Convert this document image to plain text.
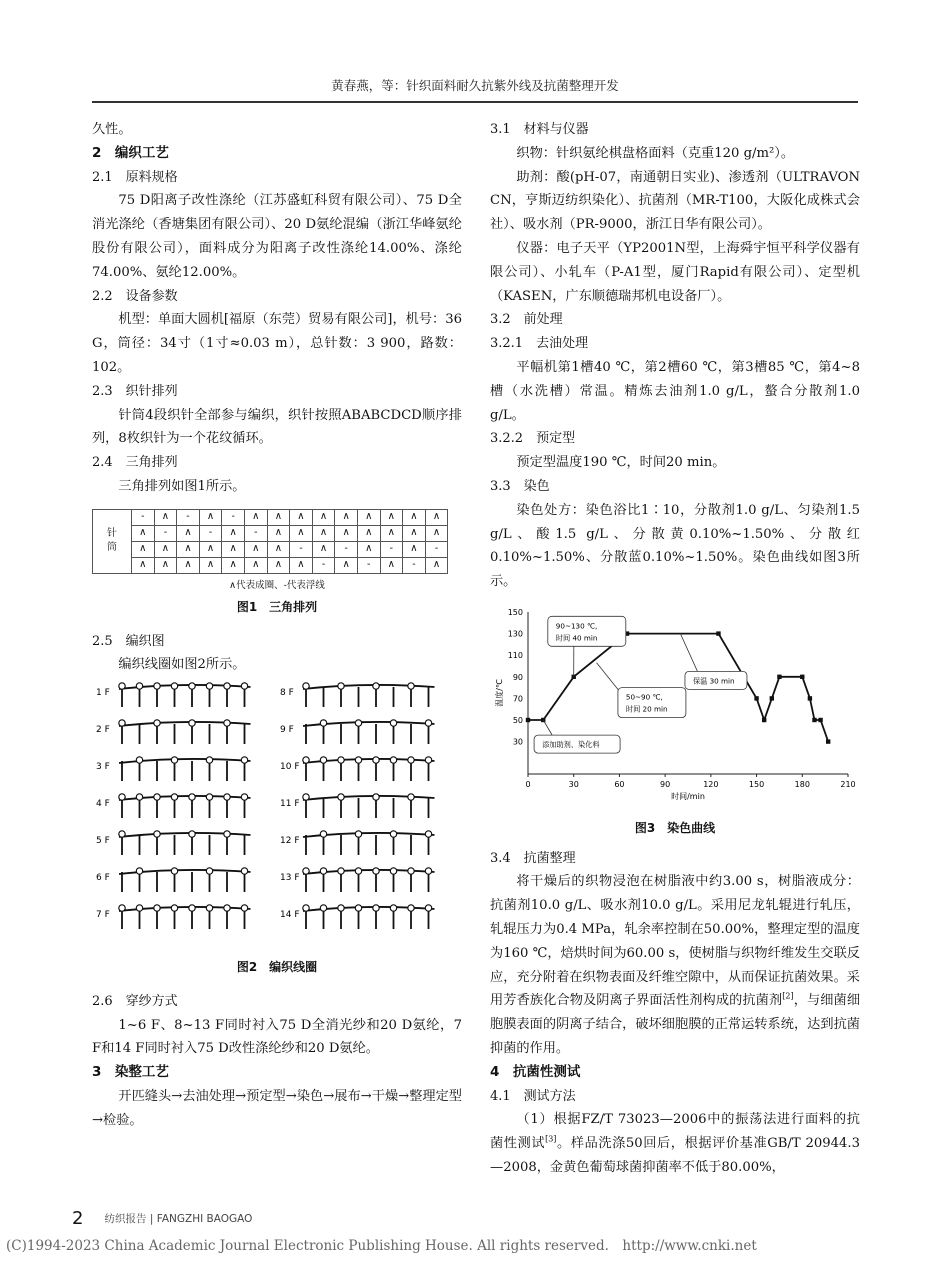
黄春燕，等：针织面料耐久抗紫外线及抗菌整理开发

久性。

2　编织工艺

2.1　原料规格

75 D阳离子改性涤纶（江苏盛虹科贸有限公司）、75 D全消光涤纶（香塘集团有限公司）、20 D氨纶混编（浙江华峰氨纶股份有限公司），面料成分为阳离子改性涤纶14.00%、涤纶74.00%、氨纶12.00%。

2.2　设备参数

机型：单面大圆机[福原（东莞）贸易有限公司]，机号：36 G，筒径：34寸（1寸≈0.03 m），总针数：3 900，路数：102。

2.3　织针排列

针筒4段织针全部参与编织，织针按照ABABCDCD顺序排列，8枚织针为一个花纹循环。

2.4　三角排列

三角排列如图1所示。

针
筒	-	∧	-	∧	-	∧	∧	∧	∧	∧	∧	∧	∧	∧
	∧	-	∧	-	∧	-	∧	∧	∧	∧	∧	∧	∧	∧
	∧	∧	∧	∧	∧	∧	∧	-	∧	-	∧	-	∧	-
	∧	∧	∧	∧	∧	∧	∧	∧	-	∧	-	∧	-	∧
∧代表成圈、-代表浮线
图1　三角排列

2.5　编织图

编织线圈如图2所示。

1 F	8 F
2 F	9 F
3 F	10 F
4 F	11 F
5 F	12 F
6 F	13 F
7 F	14 F
图2　编织线圈

2.6　穿纱方式

1~6 F、8~13 F同时衬入75 D全消光纱和20 D氨纶，7 F和14 F同时衬入75 D改性涤纶纱和20 D氨纶。

3　染整工艺

开匹缝头→去油处理→预定型→染色→展布→干燥→整理定型→检验。

3.1　材料与仪器

织物：针织氨纶棋盘格面料（克重120 g/m²）。

助剂：酸(pH-07，南通朝日实业)、渗透剂（ULTRAVON CN，亨斯迈纺织染化）、抗菌剂（MR-T100，大阪化成株式会社）、吸水剂（PR-9000，浙江日华有限公司）。

仪器：电子天平（YP2001N型，上海舜宇恒平科学仪器有限公司）、小轧车（P-A1型，厦门Rapid有限公司）、定型机（KASEN，广东顺德瑞邦机电设备厂）。

3.2　前处理

3.2.1　去油处理

平幅机第1槽40 ℃，第2槽60 ℃，第3槽85 ℃，第4~8槽（水洗槽）常温。精炼去油剂1.0 g/L，螯合分散剂1.0 g/L。

3.2.2　预定型

预定型温度190 ℃，时间20 min。

3.3　染色

染色处方：染色浴比1∶10，分散剂1.0 g/L、匀染剂1.5 g/L、酸1.5 g/L、分散黄0.10%~1.50%、分散红0.10%~1.50%、分散蓝0.10%~1.50%。染色曲线如图3所示。

0	30	60	90	120	150	180	210
30
50
70
90
110
130
150
时间/min
温度/℃
90~130 ℃,
时间 40 min
保温 30 min
50~90 ℃,
时间 20 min
添加助剂、染化料
图3　染色曲线

3.4　抗菌整理

将干燥后的织物浸泡在树脂液中约3.00 s，树脂液成分：抗菌剂10.0 g/L、吸水剂10.0 g/L。采用尼龙轧辊进行轧压，轧辊压力为0.4 MPa，轧余率控制在50.00%，整理定型的温度为160 ℃，焙烘时间为60.00 s，使树脂与织物纤维发生交联反应，充分附着在织物表面及纤维空隙中，从而保证抗菌效果。采用芳香族化合物及阴离子界面活性剂构成的抗菌剂[2]，与细菌细胞膜表面的阴离子结合，破坏细胞膜的正常运转系统，达到抗菌抑菌的作用。

4　抗菌性测试

4.1　测试方法

（1）根据FZ/T 73023—2006中的振荡法进行面料的抗菌性测试[3]。样品洗涤50回后，根据评价基准GB/T 20944.3—2008，金黄色葡萄球菌抑菌率不低于80.00%，

2 纺织报告 | FANGZHI BAOGAO
(C)1994-2023 China Academic Journal Electronic Publishing House. All rights reserved.　http://www.cnki.net
